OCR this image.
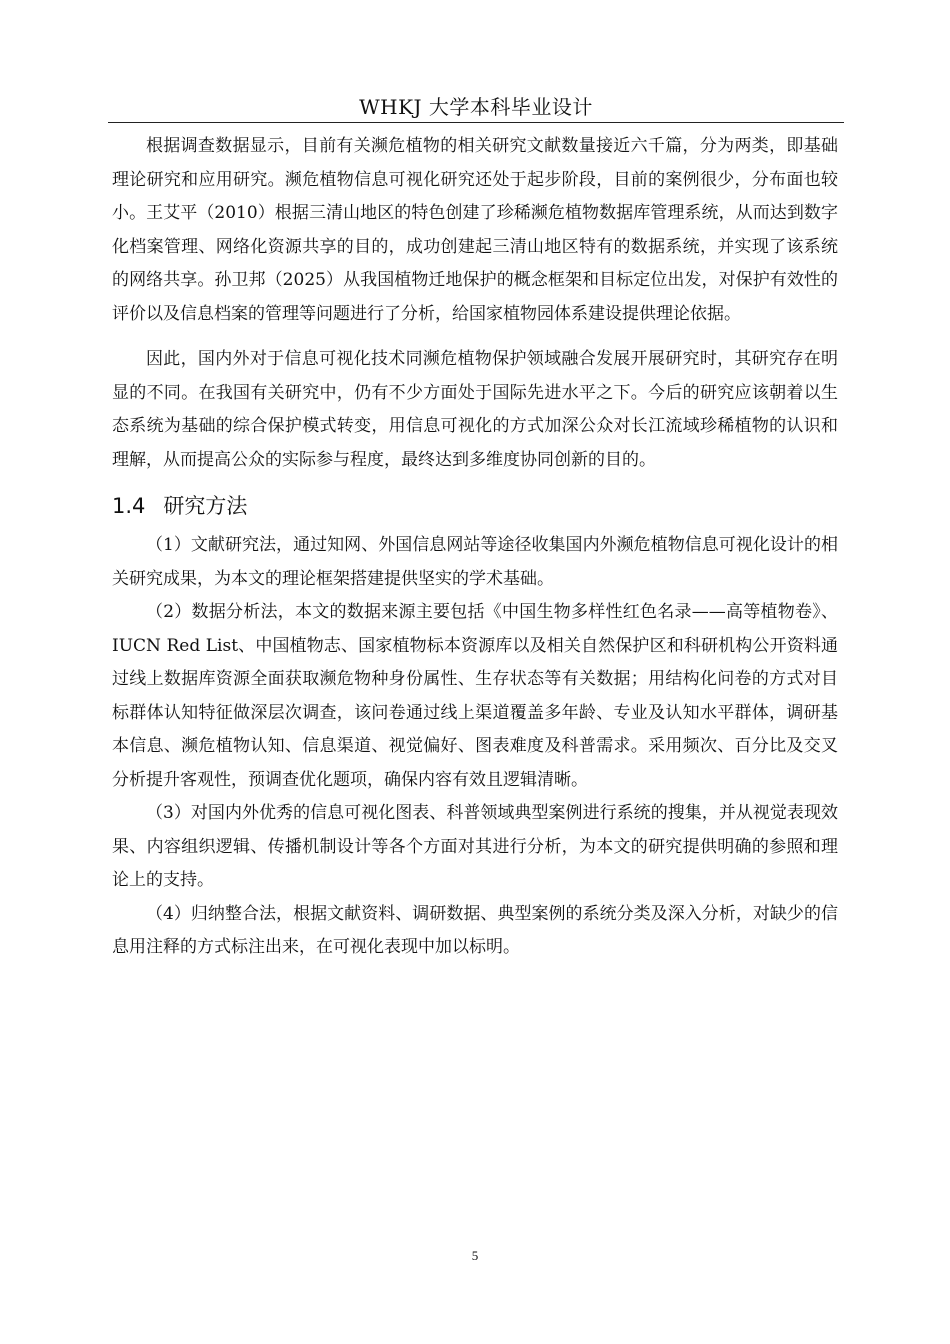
WHKJ 大学本科毕业设计

根据调查数据显示，目前有关濒危植物的相关研究文献数量接近六千篇，分为两类，即基础理论研究和应用研究。濒危植物信息可视化研究还处于起步阶段，目前的案例很少，分布面也较小。王艾平（2010）根据三清山地区的特色创建了珍稀濒危植物数据库管理系统，从而达到数字化档案管理、网络化资源共享的目的，成功创建起三清山地区特有的数据系统，并实现了该系统的网络共享。孙卫邦（2025）从我国植物迁地保护的概念框架和目标定位出发，对保护有效性的评价以及信息档案的管理等问题进行了分析，给国家植物园体系建设提供理论依据。

因此，国内外对于信息可视化技术同濒危植物保护领域融合发展开展研究时，其研究存在明显的不同。在我国有关研究中，仍有不少方面处于国际先进水平之下。今后的研究应该朝着以生态系统为基础的综合保护模式转变，用信息可视化的方式加深公众对长江流域珍稀植物的认识和理解，从而提高公众的实际参与程度，最终达到多维度协同创新的目的。

1.4 研究方法

（1）文献研究法，通过知网、外国信息网站等途径收集国内外濒危植物信息可视化设计的相关研究成果，为本文的理论框架搭建提供坚实的学术基础。

（2）数据分析法，本文的数据来源主要包括《中国生物多样性红色名录——高等植物卷》、IUCN Red List、中国植物志、国家植物标本资源库以及相关自然保护区和科研机构公开资料通过线上数据库资源全面获取濒危物种身份属性、生存状态等有关数据；用结构化问卷的方式对目标群体认知特征做深层次调查，该问卷通过线上渠道覆盖多年龄、专业及认知水平群体，调研基本信息、濒危植物认知、信息渠道、视觉偏好、图表难度及科普需求。采用频次、百分比及交叉分析提升客观性，预调查优化题项，确保内容有效且逻辑清晰。

（3）对国内外优秀的信息可视化图表、科普领域典型案例进行系统的搜集，并从视觉表现效果、内容组织逻辑、传播机制设计等各个方面对其进行分析，为本文的研究提供明确的参照和理论上的支持。

（4）归纳整合法，根据文献资料、调研数据、典型案例的系统分类及深入分析，对缺少的信息用注释的方式标注出来，在可视化表现中加以标明。

5
